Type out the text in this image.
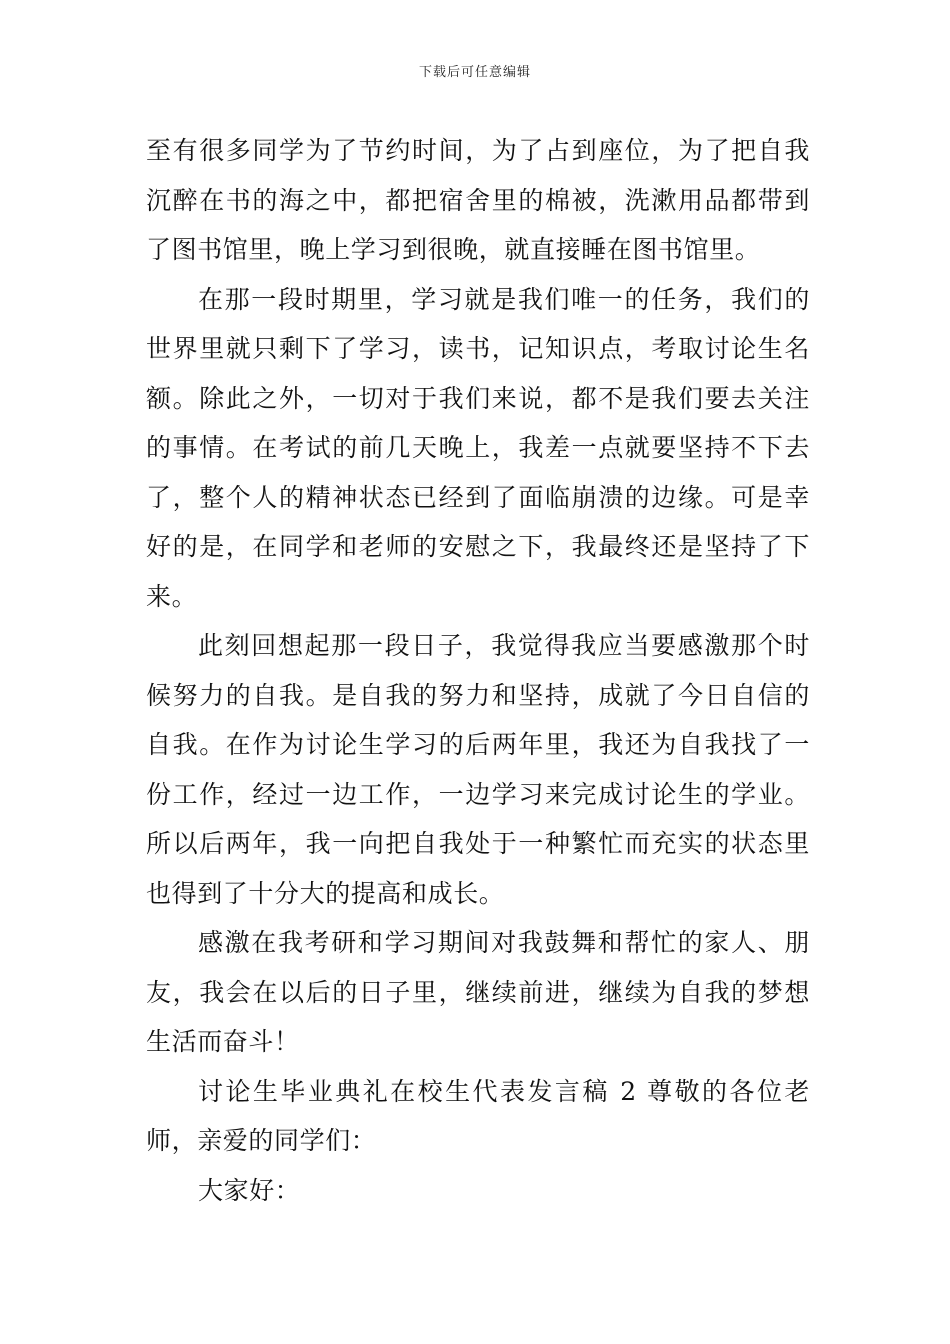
下载后可任意编辑

至有很多同学为了节约时间，为了占到座位，为了把自我沉醉在书的海之中，都把宿舍里的棉被，洗漱用品都带到了图书馆里，晚上学习到很晚，就直接睡在图书馆里。

在那一段时期里，学习就是我们唯一的任务，我们的世界里就只剩下了学习，读书，记知识点，考取讨论生名额。除此之外，一切对于我们来说，都不是我们要去关注的事情。在考试的前几天晚上，我差一点就要坚持不下去了，整个人的精神状态已经到了面临崩溃的边缘。可是幸好的是，在同学和老师的安慰之下，我最终还是坚持了下来。

此刻回想起那一段日子，我觉得我应当要感激那个时候努力的自我。是自我的努力和坚持，成就了今日自信的自我。在作为讨论生学习的后两年里，我还为自我找了一份工作，经过一边工作，一边学习来完成讨论生的学业。所以后两年，我一向把自我处于一种繁忙而充实的状态里也得到了十分大的提高和成长。

感激在我考研和学习期间对我鼓舞和帮忙的家人、朋友，我会在以后的日子里，继续前进，继续为自我的梦想生活而奋斗！

讨论生毕业典礼在校生代表发言稿 2 尊敬的各位老师，亲爱的同学们：

大家好：
